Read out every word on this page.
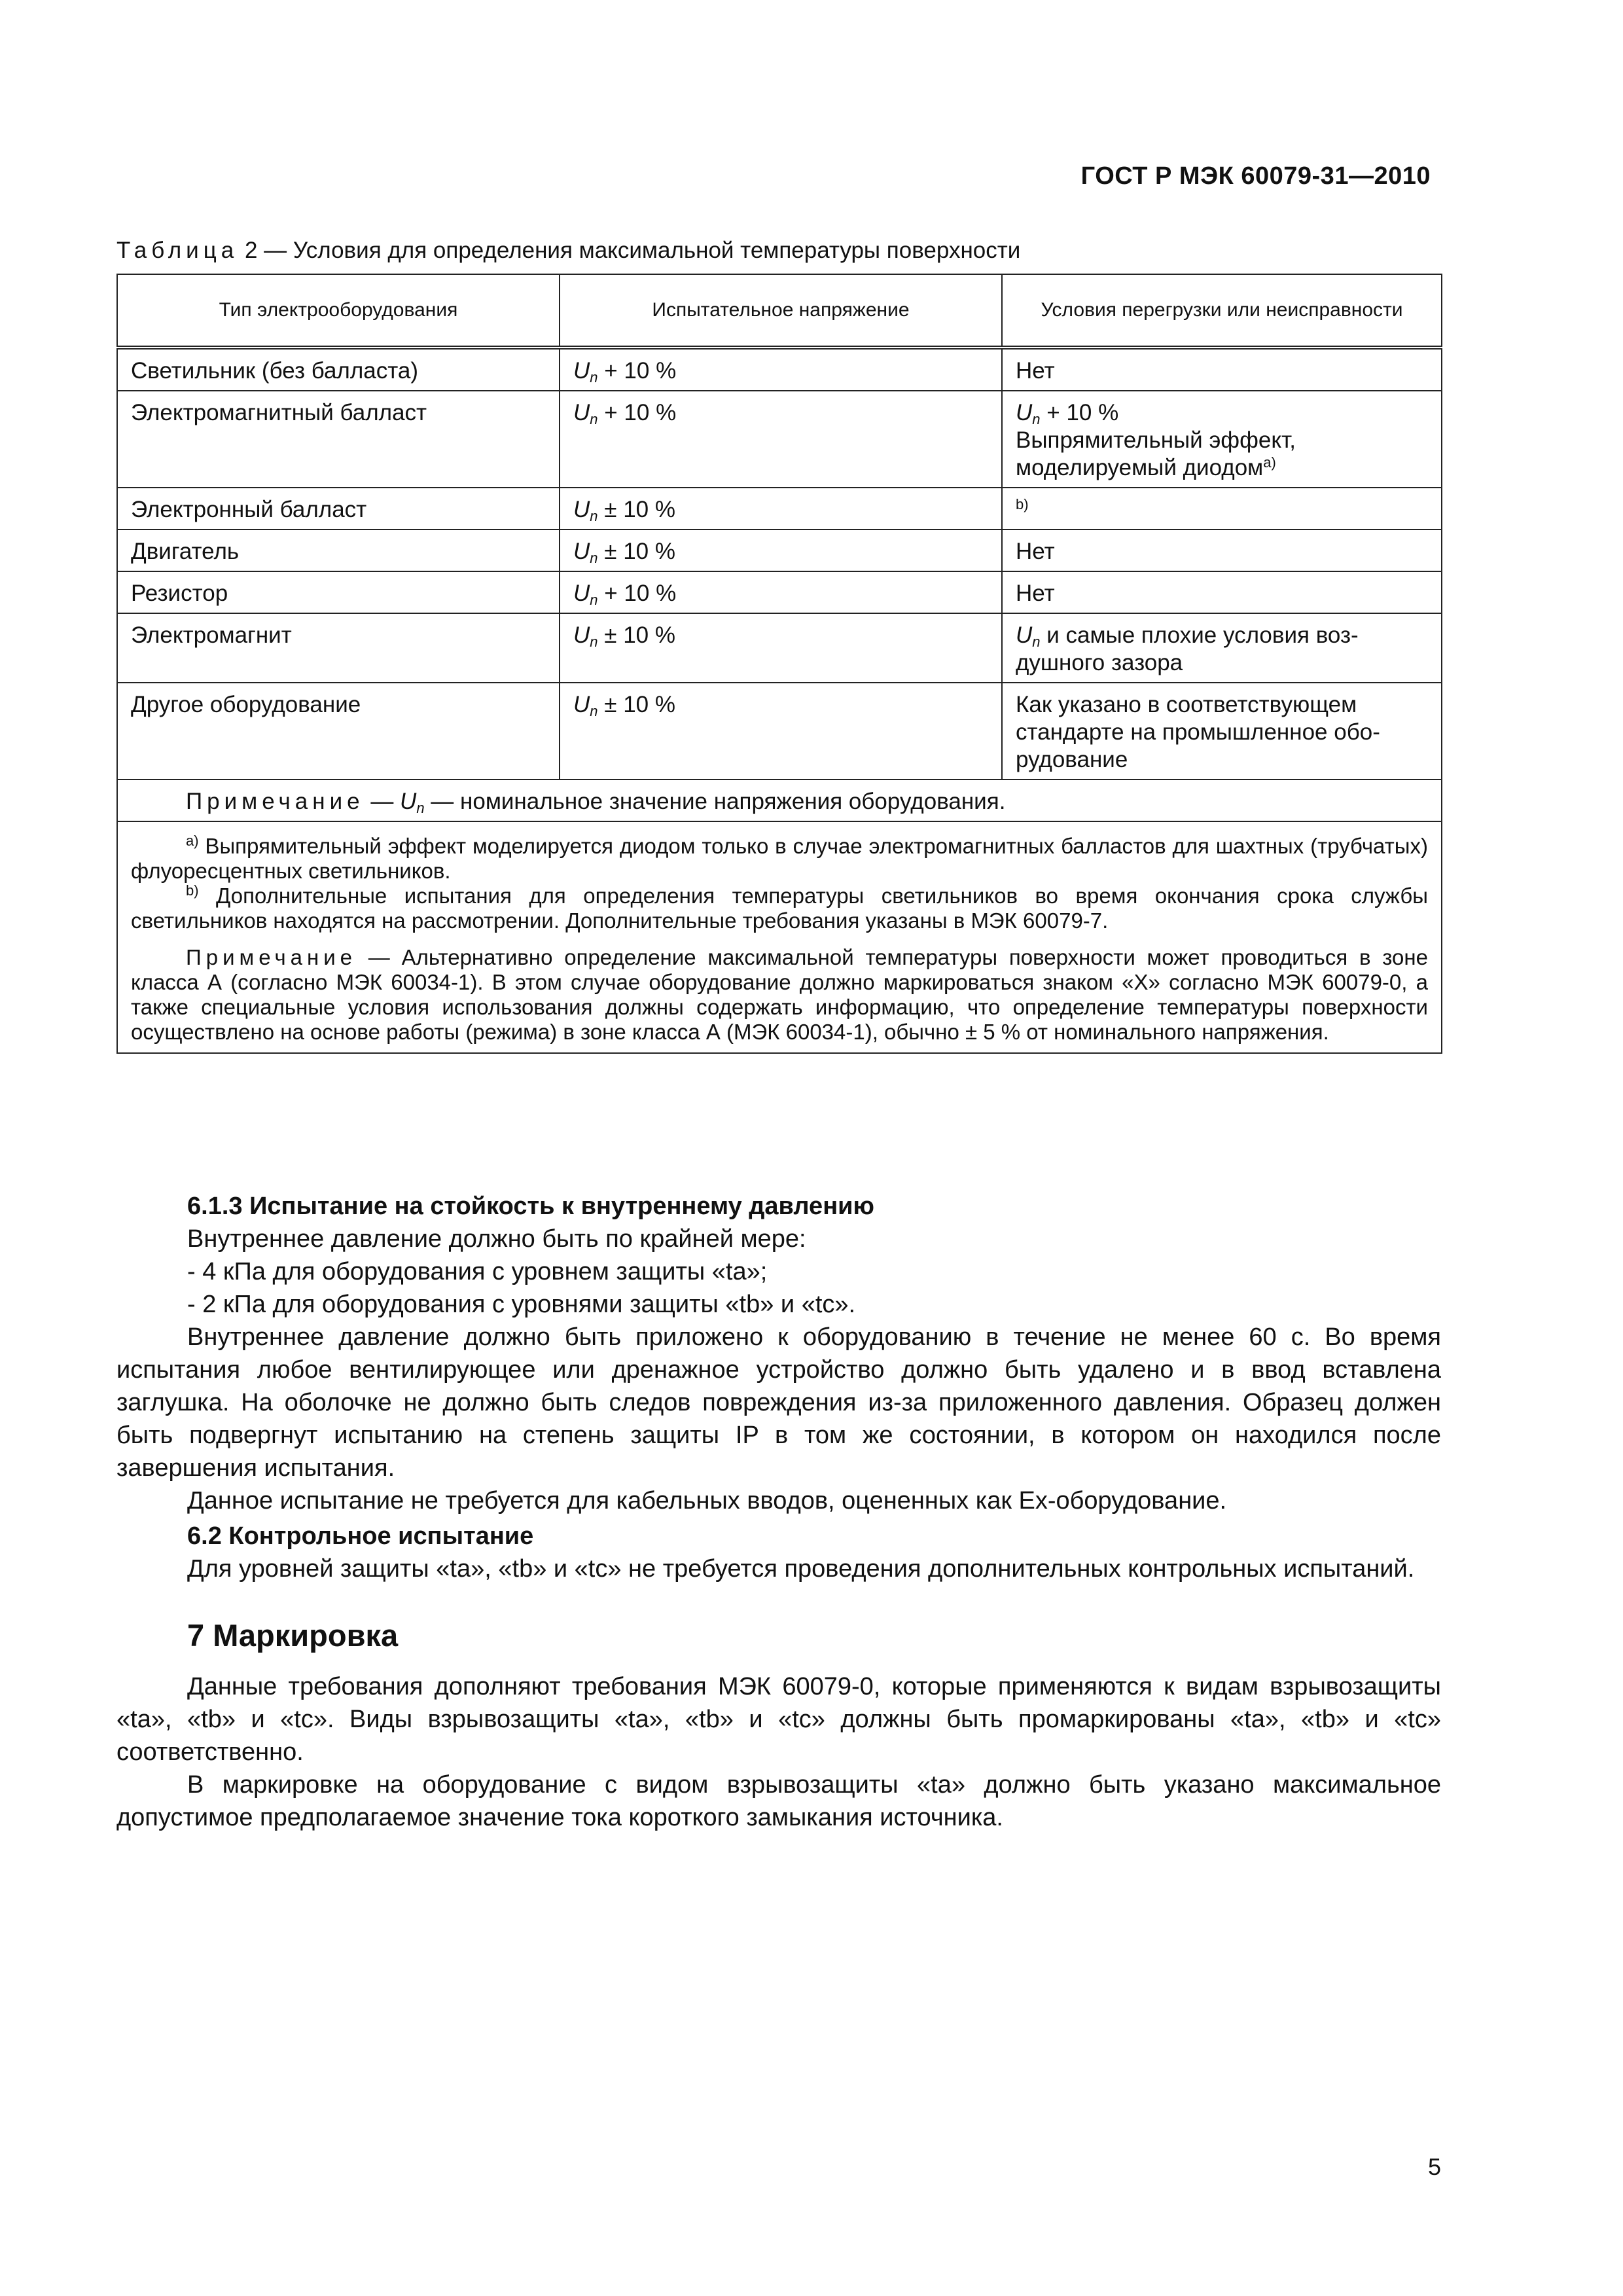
ГОСТ Р МЭК 60079-31—2010
Таблица 2 — Условия для определения максимальной температуры поверхности
Тип электрооборудования	Испытательное напряжение	Условия перегрузки или неисправности
Светильник (без балласта)	$U_n + 10$ %	Нет
Электромагнитный балласт	$U_n + 10$ %	$U_n + 10$ %
Выпрямительный эффект,
моделируемый диодом$^{a)}$

Электронный балласт	$U_n \pm 10$ %	$^{b)}$
Двигатель	$U_n \pm 10$ %	Нет
Резистор	$U_n + 10$ %	Нет
Электромагнит	$U_n \pm 10$ %	$U_n$ и самые плохие условия воз-
душного зазора

Другое оборудование	$U_n \pm 10$ %	Как указано в соответствующем
стандарте на промышленное обо-
рудование

Примечание — $U_n$ — номинальное значение напряжения оборудования.		

$^{a)}$ Выпрямительный эффект моделируется диодом только в случае электромагнитных балластов для шахтных (трубчатых) флуоресцентных светильников.

$^{b)}$ Дополнительные испытания для определения температуры светильников во время окончания срока службы светильников находятся на рассмотрении. Дополнительные требования указаны в МЭК 60079-7.

Примечание — Альтернативно определение максимальной температуры поверхности может проводиться в зоне класса А (согласно МЭК 60034-1). В этом случае оборудование должно маркироваться знаком «Х» согласно МЭК 60079-0, а также специальные условия использования должны содержать информацию, что определение температуры поверхности осуществлено на основе работы (режима) в зоне класса А (МЭК 60034-1), обычно ± 5 % от номинального напряжения.		

6.1.3 Испытание на стойкость к внутреннему давлению

Внутреннее давление должно быть по крайней мере:

- 4 кПа для оборудования с уровнем защиты «ta»;

- 2 кПа для оборудования с уровнями защиты «tb» и «tc».

Внутреннее давление должно быть приложено к оборудованию в течение не менее 60 с. Во время испытания любое вентилирующее или дренажное устройство должно быть удалено и в ввод вставлена заглушка. На оболочке не должно быть следов повреждения из-за приложенного давления. Образец должен быть подвергнут испытанию на степень защиты IP в том же состоянии, в котором он находился после завершения испытания.

Данное испытание не требуется для кабельных вводов, оцененных как Ex-оборудование.

6.2 Контрольное испытание

Для уровней защиты «ta», «tb» и «tc» не требуется проведения дополнительных контрольных испытаний.

7 Маркировка

Данные требования дополняют требования МЭК 60079-0, которые применяются к видам взрывозащиты «ta», «tb» и «tc». Виды взрывозащиты «ta», «tb» и «tc» должны быть промаркированы «ta», «tb» и «tc» соответственно.

В маркировке на оборудование с видом взрывозащиты «ta» должно быть указано максимальное допустимое предполагаемое значение тока короткого замыкания источника.

5
